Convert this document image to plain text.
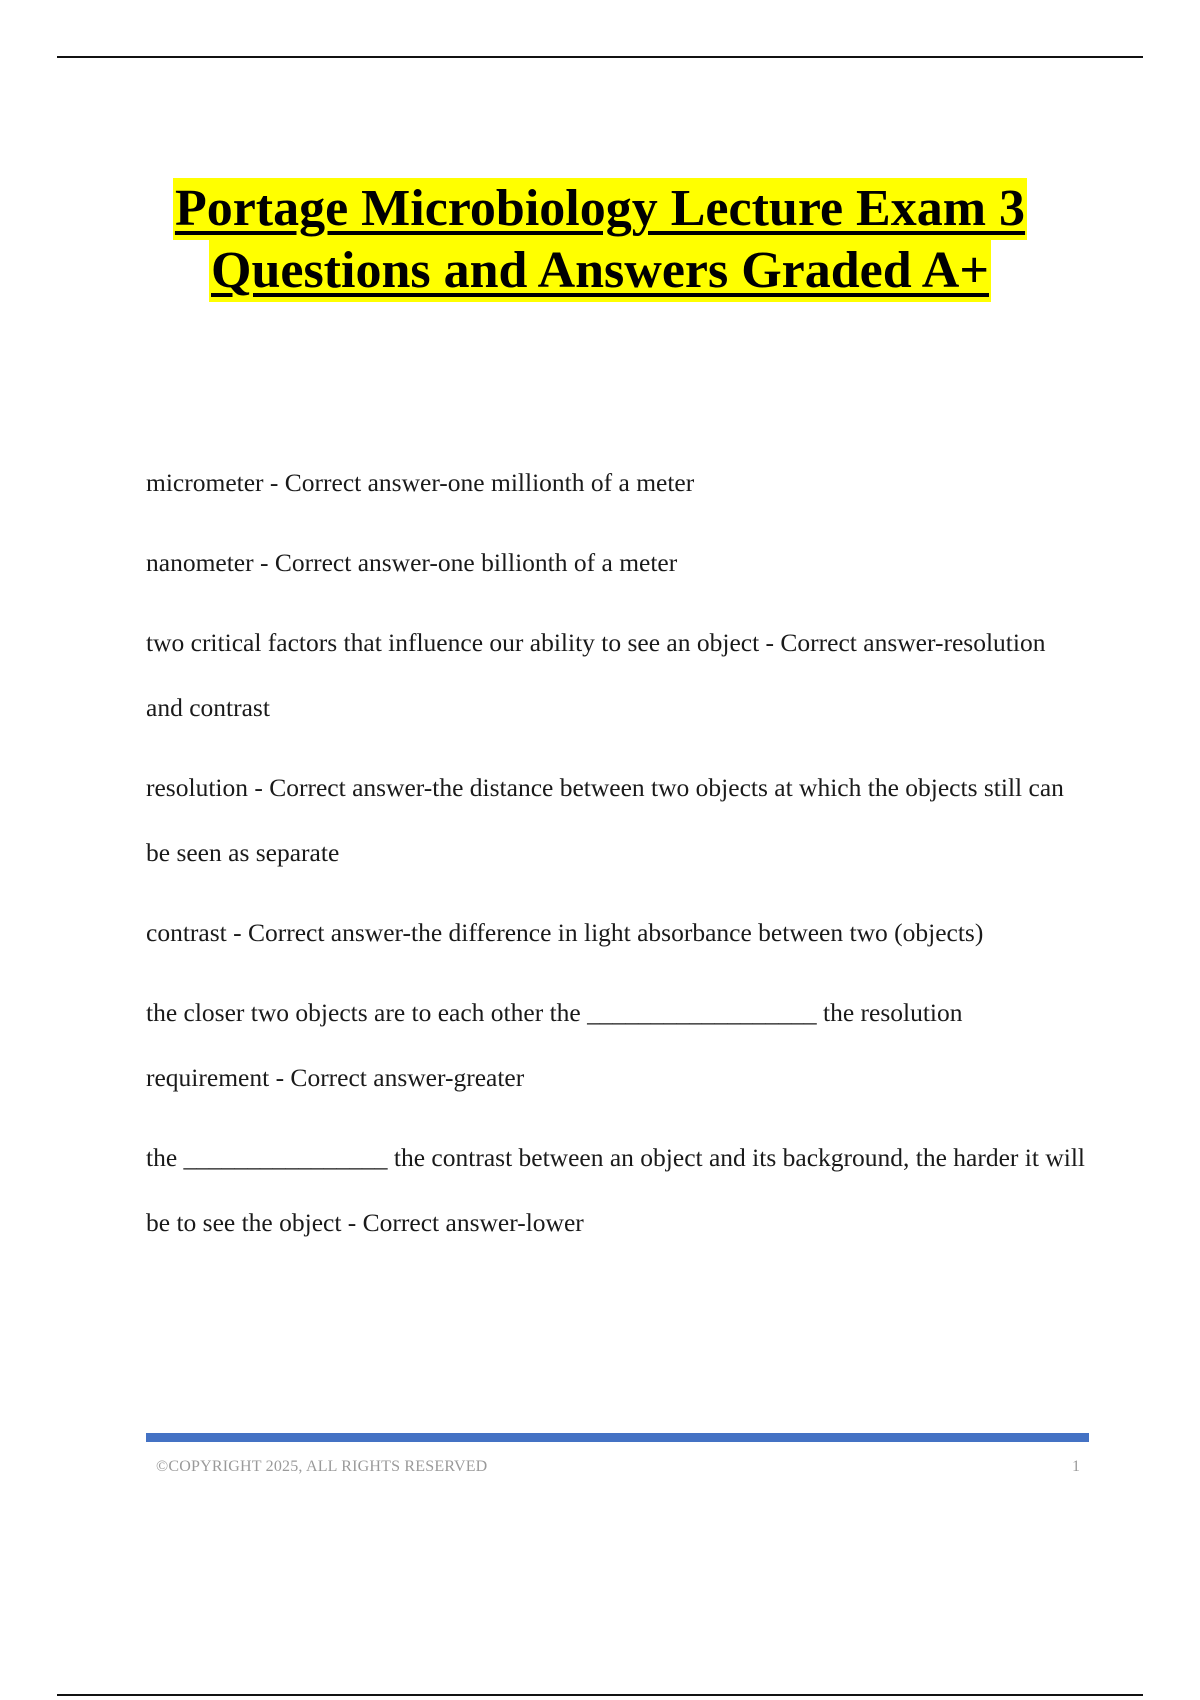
Portage Microbiology Lecture Exam 3
Questions and Answers Graded A+
micrometer - Correct answer-one millionth of a meter
nanometer - Correct answer-one billionth of a meter
two critical factors that influence our ability to see an object - Correct answer-resolution and contrast
resolution - Correct answer-the distance between two objects at which the objects still can be seen as separate
contrast - Correct answer-the difference in light absorbance between two (objects)
the closer two objects are to each other the __________________ the resolution requirement - Correct answer-greater
the ________________ the contrast between an object and its background, the harder it will be to see the object - Correct answer-lower
©COPYRIGHT 2025, ALL RIGHTS RESERVED	1
